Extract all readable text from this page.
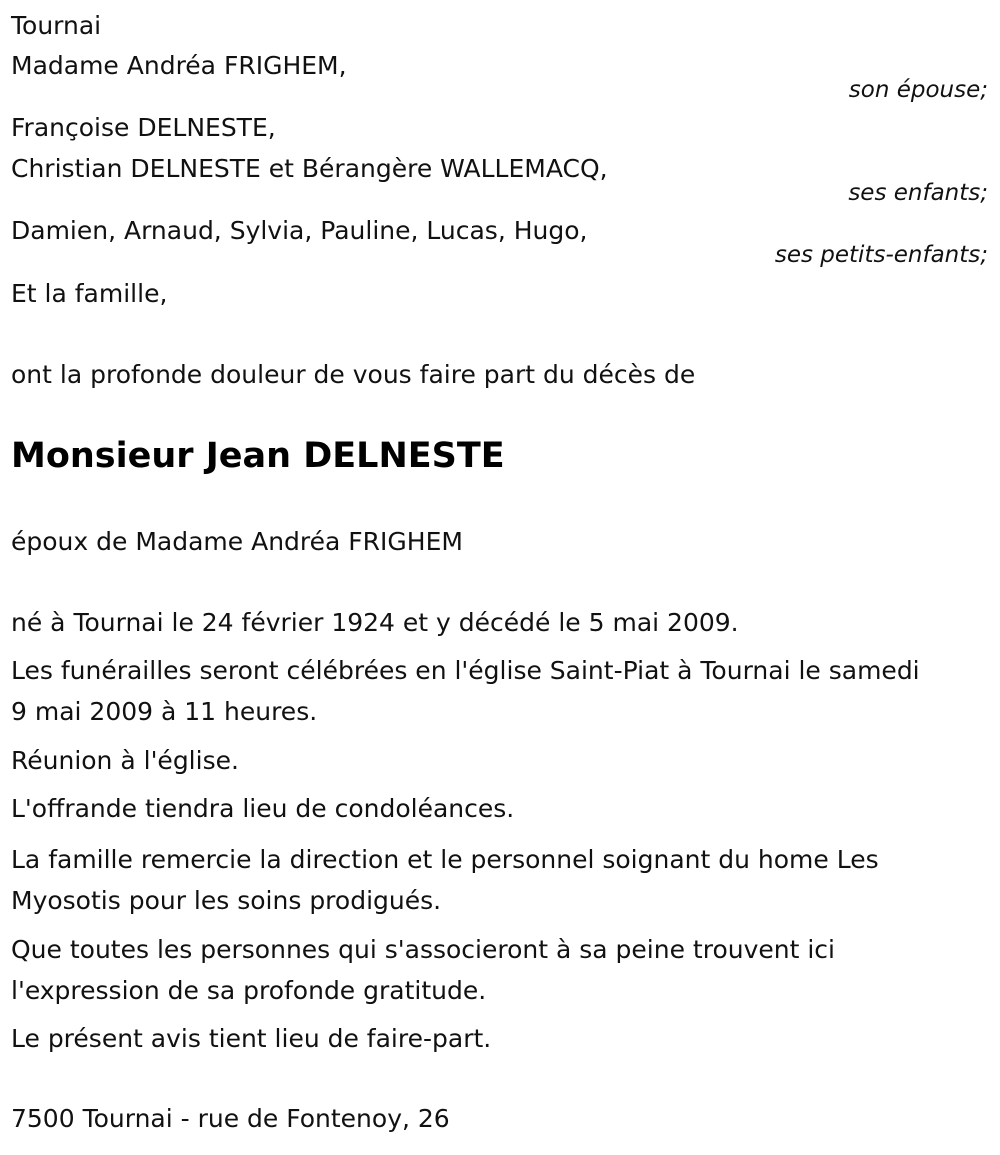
Tournai

Madame Andréa FRIGHEM,

son épouse;

Françoise DELNESTE,

Christian DELNESTE et Bérangère WALLEMACQ,

ses enfants;

Damien, Arnaud, Sylvia, Pauline, Lucas, Hugo,

ses petits-enfants;

Et la famille,

ont la profonde douleur de vous faire part du décès de

Monsieur Jean DELNESTE

époux de Madame Andréa FRIGHEM

né à Tournai le 24 février 1924 et y décédé le 5 mai 2009.

Les funérailles seront célébrées en l'église Saint-Piat à Tournai le samedi

9 mai 2009 à 11 heures.

Réunion à l'église.

L'offrande tiendra lieu de condoléances.

La famille remercie la direction et le personnel soignant du home Les

Myosotis pour les soins prodigués.

Que toutes les personnes qui s'associeront à sa peine trouvent ici

l'expression de sa profonde gratitude.

Le présent avis tient lieu de faire-part.

7500 Tournai - rue de Fontenoy, 26
